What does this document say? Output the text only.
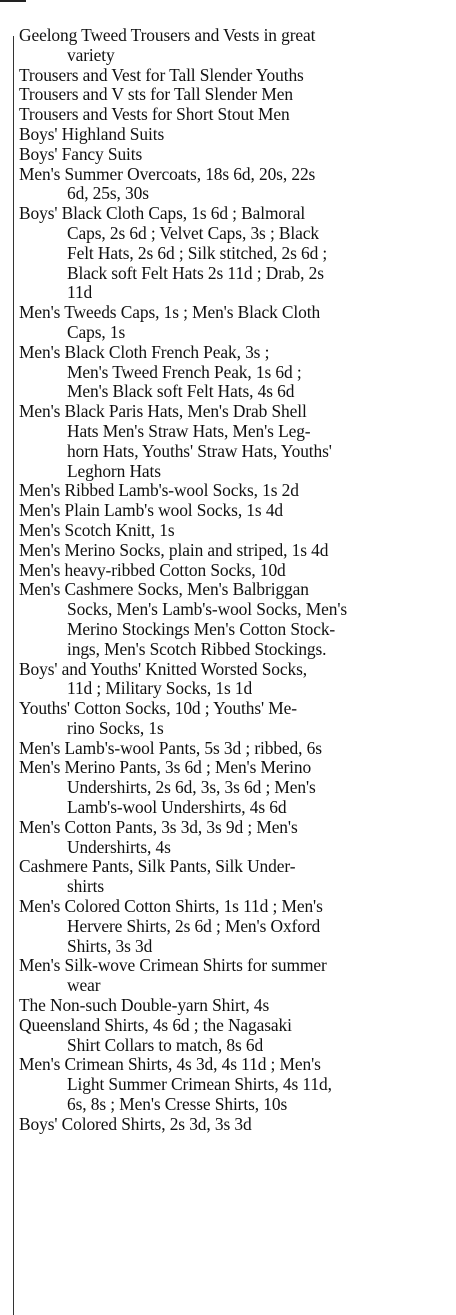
Geelong Tweed Trousers and Vests in great
variety
Trousers and Vest for Tall Slender Youths
Trousers and V sts for Tall Slender Men
Trousers and Vests for Short Stout Men
Boys' Highland Suits
Boys' Fancy Suits
Men's Summer Overcoats, 18s 6d, 20s, 22s
6d, 25s, 30s
Boys' Black Cloth Caps, 1s 6d ; Balmoral
Caps, 2s 6d ; Velvet Caps, 3s ; Black
Felt Hats, 2s 6d ; Silk stitched, 2s 6d ;
Black soft Felt Hats 2s 11d ; Drab, 2s
11d
Men's Tweeds Caps, 1s ; Men's Black Cloth
Caps, 1s
Men's Black Cloth French Peak, 3s ;
Men's Tweed French Peak, 1s 6d ;
Men's Black soft Felt Hats, 4s 6d
Men's Black Paris Hats, Men's Drab Shell
Hats Men's Straw Hats, Men's Leg-
horn Hats, Youths' Straw Hats, Youths'
Leghorn Hats
Men's Ribbed Lamb's-wool Socks, 1s 2d
Men's Plain Lamb's wool Socks, 1s 4d
Men's Scotch Knitt, 1s
Men's Merino Socks, plain and striped, 1s 4d
Men's heavy-ribbed Cotton Socks, 10d
Men's Cashmere Socks, Men's Balbriggan
Socks, Men's Lamb's-wool Socks, Men's
Merino Stockings Men's Cotton Stock-
ings, Men's Scotch Ribbed Stockings.
Boys' and Youths' Knitted Worsted Socks,
11d ; Military Socks, 1s 1d
Youths' Cotton Socks, 10d ; Youths' Me-
rino Socks, 1s
Men's Lamb's-wool Pants, 5s 3d ; ribbed, 6s
Men's Merino Pants, 3s 6d ; Men's Merino
Undershirts, 2s 6d, 3s, 3s 6d ; Men's
Lamb's-wool Undershirts, 4s 6d
Men's Cotton Pants, 3s 3d, 3s 9d ; Men's
Undershirts, 4s
Cashmere Pants, Silk Pants, Silk Under-
shirts
Men's Colored Cotton Shirts, 1s 11d ; Men's
Hervere Shirts, 2s 6d ; Men's Oxford
Shirts, 3s 3d
Men's Silk-wove Crimean Shirts for summer
wear
The Non-such Double-yarn Shirt, 4s
Queensland Shirts, 4s 6d ; the Nagasaki
Shirt Collars to match, 8s 6d
Men's Crimean Shirts, 4s 3d, 4s 11d ; Men's
Light Summer Crimean Shirts, 4s 11d,
6s, 8s ; Men's Cresse Shirts, 10s
Boys' Colored Shirts, 2s 3d, 3s 3d
